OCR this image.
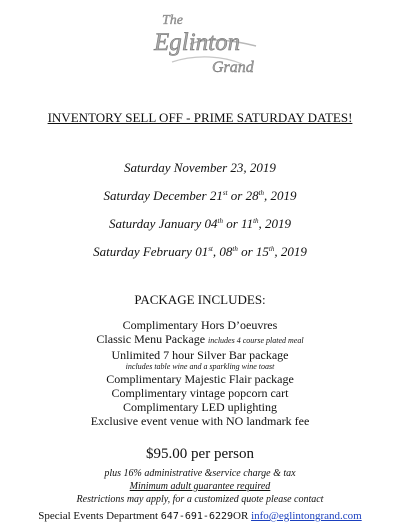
The
Eglinton
Grand
INVENTORY SELL OFF - PRIME SATURDAY DATES!
Saturday November 23, 2019
Saturday December 21st or 28th, 2019
Saturday January 04th or 11th, 2019
Saturday February 01st, 08th or 15th, 2019
PACKAGE INCLUDES:
Complimentary Hors D’oeuvres
Classic Menu Package includes 4 course plated meal
Unlimited 7 hour Silver Bar package
includes table wine and a sparkling wine toast
Complimentary Majestic Flair package
Complimentary vintage popcorn cart
Complimentary LED uplighting
Exclusive event venue with NO landmark fee
$95.00 per person
plus 16% administrative &service charge & tax
Minimum adult guarantee required
Restrictions may apply, for a customized quote please contact
Special Events Department 647-691-6229OR info@eglintongrand.com
